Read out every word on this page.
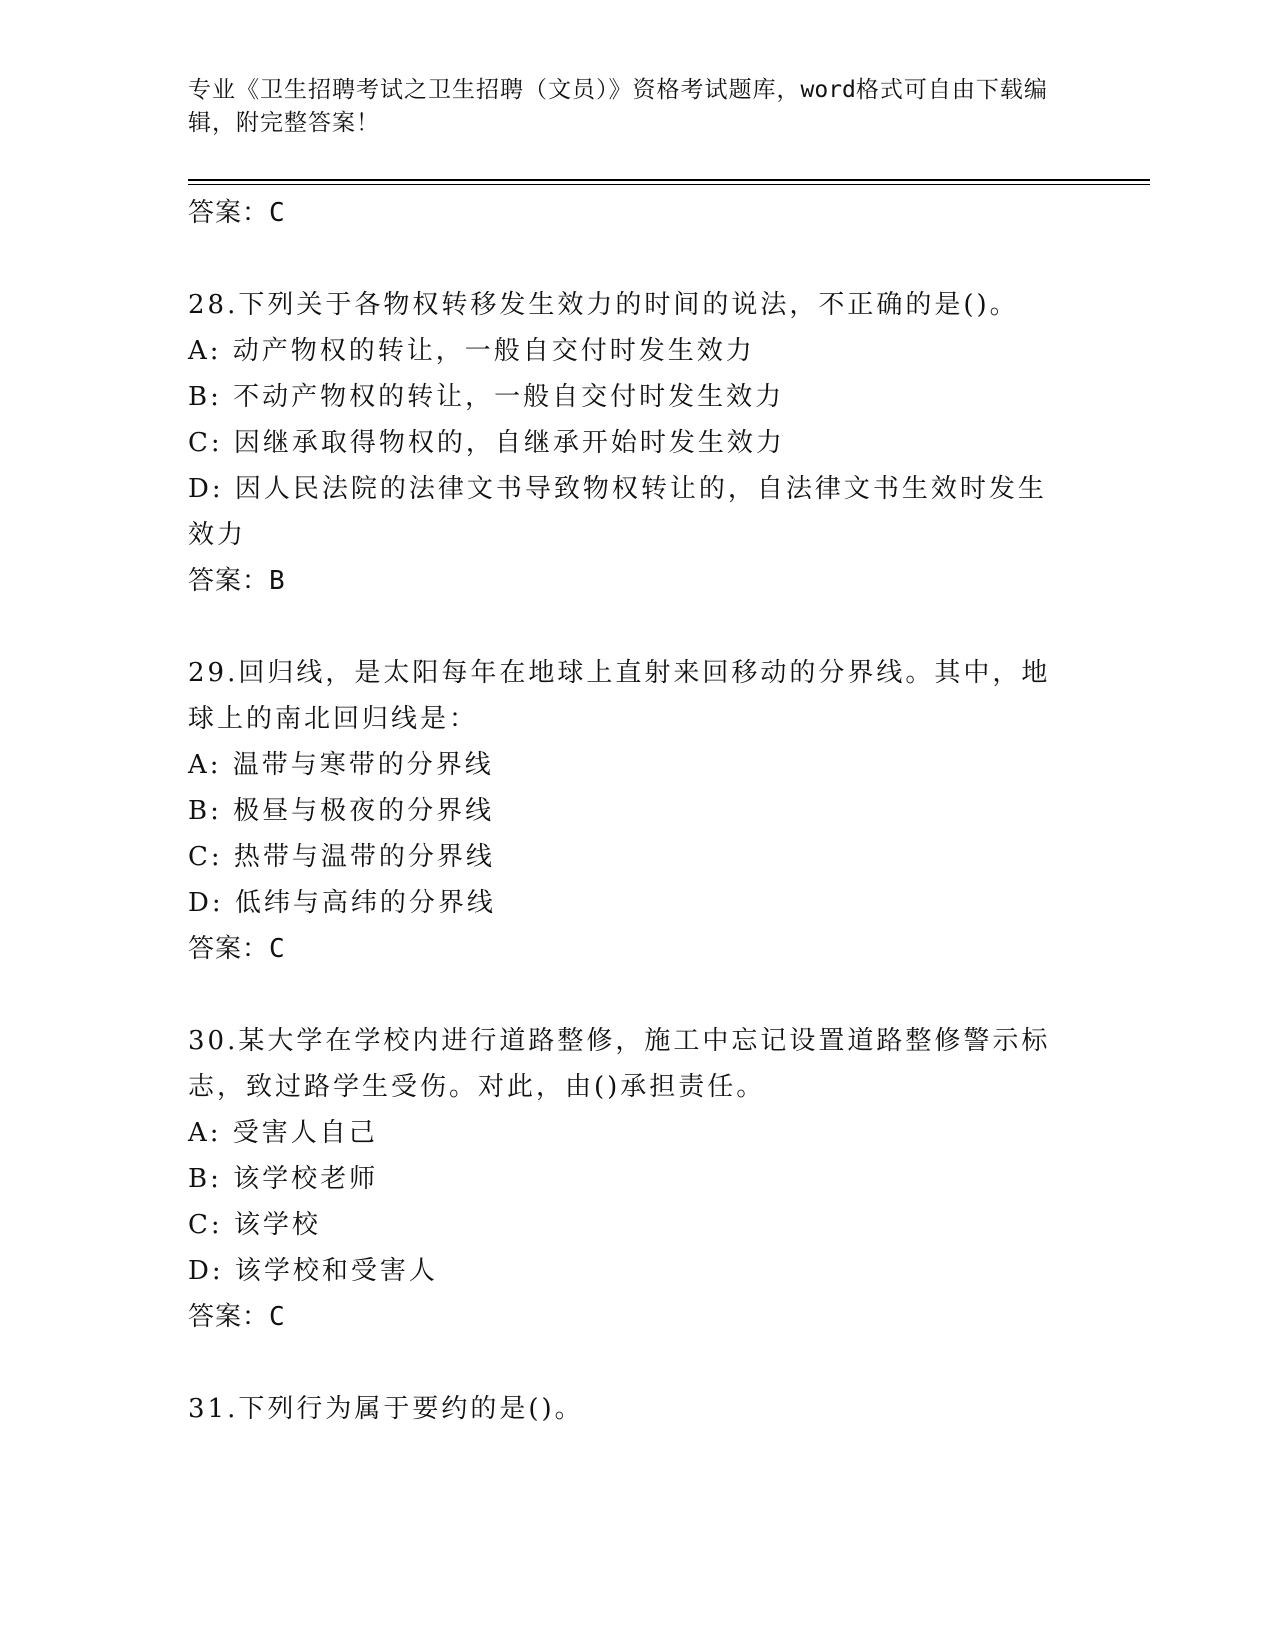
专业《卫生招聘考试之卫生招聘（文员）》资格考试题库，word格式可自由下载编辑，附完整答案！
答案：C
28.下列关于各物权转移发生效力的时间的说法，不正确的是()。
A: 动产物权的转让，一般自交付时发生效力
B: 不动产物权的转让，一般自交付时发生效力
C: 因继承取得物权的，自继承开始时发生效力
D: 因人民法院的法律文书导致物权转让的，自法律文书生效时发生效力
答案：B
29.回归线，是太阳每年在地球上直射来回移动的分界线。其中，地球上的南北回归线是：
A: 温带与寒带的分界线
B: 极昼与极夜的分界线
C: 热带与温带的分界线
D: 低纬与高纬的分界线
答案：C
30.某大学在学校内进行道路整修，施工中忘记设置道路整修警示标志，致过路学生受伤。对此，由()承担责任。
A: 受害人自己
B: 该学校老师
C: 该学校
D: 该学校和受害人
答案：C
31.下列行为属于要约的是()。
